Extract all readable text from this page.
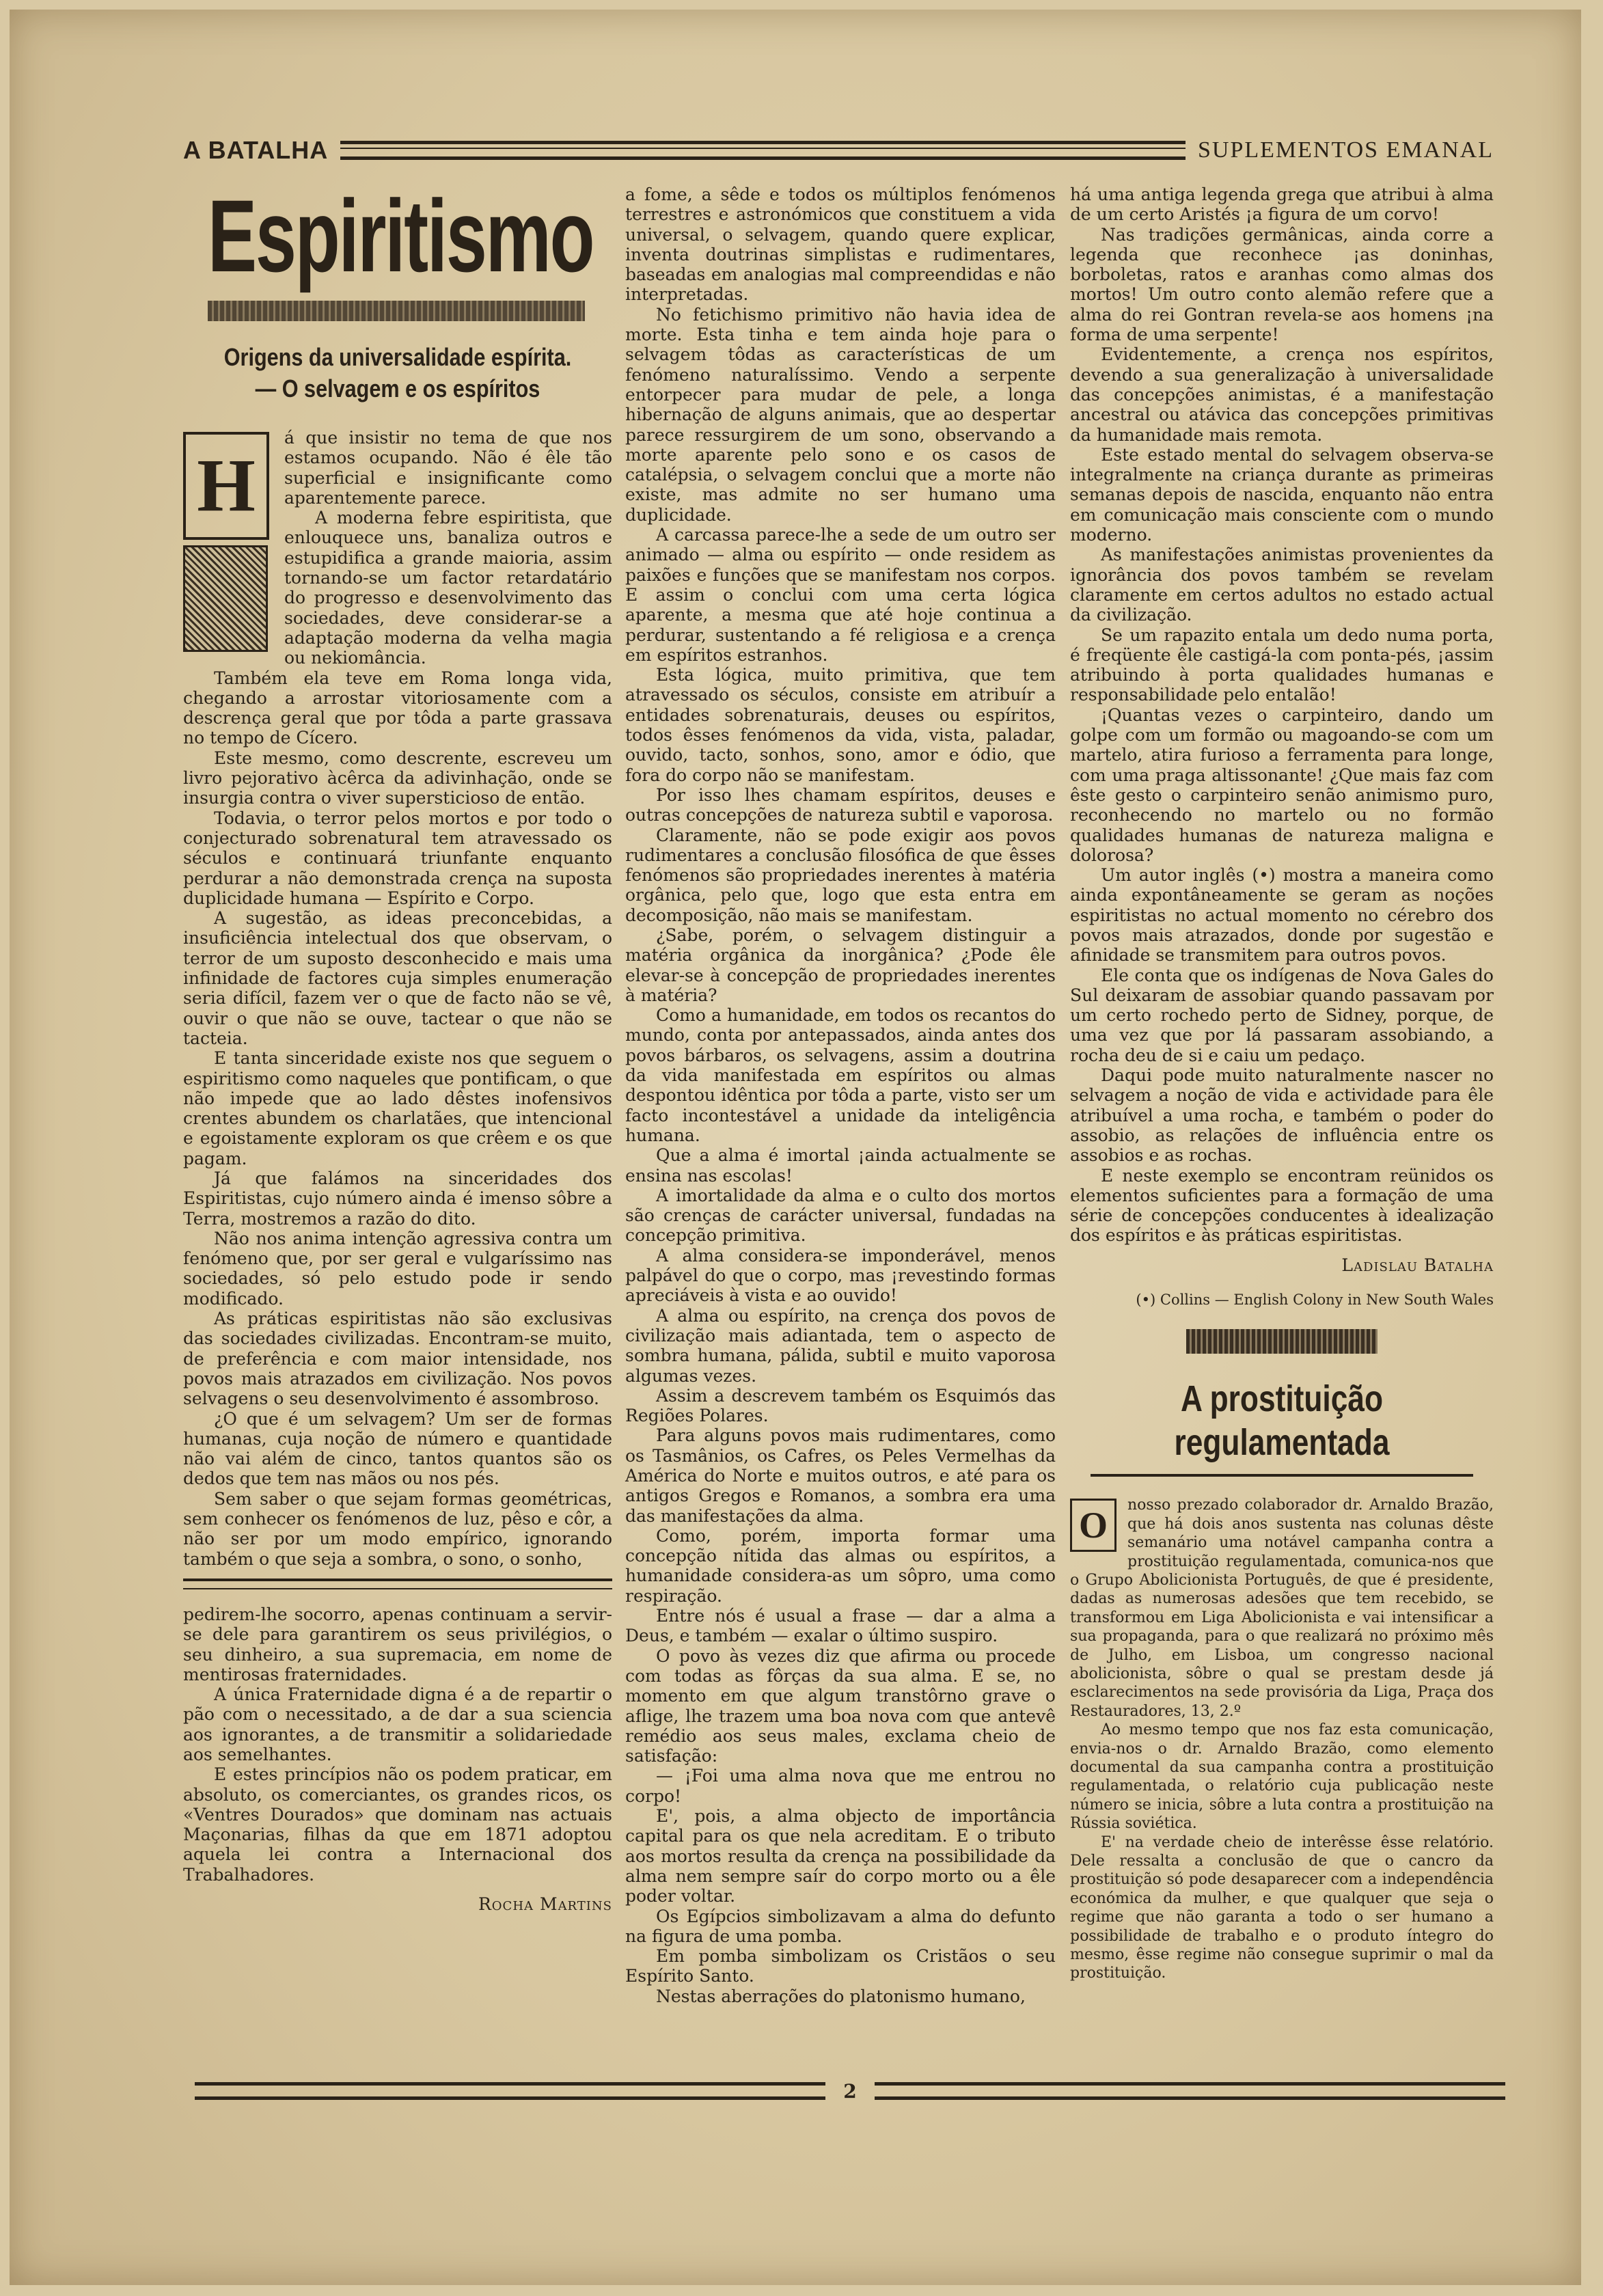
A BATALHA	SUPLEMENTOS EMANAL
Espiritismo
Origens da universalidade espírita. — O selvagem e os espíritos
H

á que insistir no tema de que nos estamos ocupando. Não é êle tão superficial e insignificante como aparentemente parece.

A moderna febre espiritista, que enlouquece uns, banaliza outros e estupidifica a grande maioria, assim tornando-se um factor retardatário do progresso e desenvolvimento das sociedades, deve considerar-se a adaptação moderna da velha magia ou nekiomância.

Também ela teve em Roma longa vida, chegando a arrostar vitoriosamente com a descrença geral que por tôda a parte grassava no tempo de Cícero.

Este mesmo, como descrente, escreveu um livro pejorativo àcêrca da adivinhação, onde se insurgia contra o viver supersticioso de então.

Todavia, o terror pelos mortos e por todo o conjecturado sobrenatural tem atravessado os séculos e continuará triunfante enquanto perdurar a não demonstrada crença na suposta duplicidade humana — Espírito e Corpo.

A sugestão, as ideas preconcebidas, a insuficiência intelectual dos que observam, o terror de um suposto desconhecido e mais uma infinidade de factores cuja simples enumeração seria difícil, fazem ver o que de facto não se vê, ouvir o que não se ouve, tactear o que não se tacteia.

E tanta sinceridade existe nos que seguem o espiritismo como naqueles que pontificam, o que não impede que ao lado dêstes inofensivos crentes abundem os charlatães, que intencional e egoistamente exploram os que crêem e os que pagam.

Já que falámos na sinceridades dos Espiritistas, cujo número ainda é imenso sôbre a Terra, mostremos a razão do dito.

Não nos anima intenção agressiva contra um fenómeno que, por ser geral e vulgaríssimo nas sociedades, só pelo estudo pode ir sendo modificado.

As práticas espiritistas não são exclusivas das sociedades civilizadas. Encontram-se muito, de preferência e com maior intensidade, nos povos mais atrazados em civilização. Nos povos selvagens o seu desenvolvimento é assombroso.

¿O que é um selvagem? Um ser de formas humanas, cuja noção de número e quantidade não vai além de cinco, tantos quantos são os dedos que tem nas mãos ou nos pés.

Sem saber o que sejam formas geométricas, sem conhecer os fenómenos de luz, pêso e côr, a não ser por um modo empírico, ignorando também o que seja a sombra, o sono, o sonho,

pedirem-lhe socorro, apenas continuam a servir-se dele para garantirem os seus privilégios, o seu dinheiro, a sua supremacia, em nome de mentirosas fraternidades.

A única Fraternidade digna é a de repartir o pão com o necessitado, a de dar a sua sciencia aos ignorantes, a de transmitir a solidariedade aos semelhantes.

E estes princípios não os podem praticar, em absoluto, os comerciantes, os grandes ricos, os «Ventres Dourados» que dominam nas actuais Maçonarias, filhas da que em 1871 adoptou aquela lei contra a Internacional dos Trabalhadores.

Rocha Martins

a fome, a sêde e todos os múltiplos fenómenos terrestres e astronómicos que constituem a vida universal, o selvagem, quando quere explicar, inventa doutrinas simplistas e rudimentares, baseadas em analogias mal compreendidas e não interpretadas.

No fetichismo primitivo não havia idea de morte. Esta tinha e tem ainda hoje para o selvagem tôdas as características de um fenómeno naturalíssimo. Vendo a serpente entorpecer para mudar de pele, a longa hibernação de alguns animais, que ao despertar parece ressurgirem de um sono, observando a morte aparente pelo sono e os casos de catalépsia, o selvagem conclui que a morte não existe, mas admite no ser humano uma duplicidade.

A carcassa parece-lhe a sede de um outro ser animado — alma ou espírito — onde residem as paixões e funções que se manifestam nos corpos. E assim o conclui com uma certa lógica aparente, a mesma que até hoje continua a perdurar, sustentando a fé religiosa e a crença em espíritos estranhos.

Esta lógica, muito primitiva, que tem atravessado os séculos, consiste em atribuír a entidades sobrenaturais, deuses ou espíritos, todos êsses fenómenos da vida, vista, paladar, ouvido, tacto, sonhos, sono, amor e ódio, que fora do corpo não se manifestam.

Por isso lhes chamam espíritos, deuses e outras concepções de natureza subtil e vaporosa.

Claramente, não se pode exigir aos povos rudimentares a conclusão filosófica de que êsses fenómenos são propriedades inerentes à matéria orgânica, pelo que, logo que esta entra em decomposição, não mais se manifestam.

¿Sabe, porém, o selvagem distinguir a matéria orgânica da inorgânica? ¿Pode êle elevar-se à concepção de propriedades inerentes à matéria?

Como a humanidade, em todos os recantos do mundo, conta por antepassados, ainda antes dos povos bárbaros, os selvagens, assim a doutrina da vida manifestada em espíritos ou almas despontou idêntica por tôda a parte, visto ser um facto incontestável a unidade da inteligência humana.

Que a alma é imortal ¡ainda actualmente se ensina nas escolas!

A imortalidade da alma e o culto dos mortos são crenças de carácter universal, fundadas na concepção primitiva.

A alma considera-se imponderável, menos palpável do que o corpo, mas ¡revestindo formas apreciáveis à vista e ao ouvido!

A alma ou espírito, na crença dos povos de civilização mais adiantada, tem o aspecto de sombra humana, pálida, subtil e muito vaporosa algumas vezes.

Assim a descrevem também os Esquimós das Regiões Polares.

Para alguns povos mais rudimentares, como os Tasmânios, os Cafres, os Peles Vermelhas da América do Norte e muitos outros, e até para os antigos Gregos e Romanos, a sombra era uma das manifestações da alma.

Como, porém, importa formar uma concepção nítida das almas ou espíritos, a humanidade considera-as um sôpro, uma como respiração.

Entre nós é usual a frase — dar a alma a Deus, e também — exalar o último suspiro.

O povo às vezes diz que afirma ou procede com todas as fôrças da sua alma. E se, no momento em que algum transtôrno grave o aflige, lhe trazem uma boa nova com que antevê remédio aos seus males, exclama cheio de satisfação:

— ¡Foi uma alma nova que me entrou no corpo!

E', pois, a alma objecto de importância capital para os que nela acreditam. E o tributo aos mortos resulta da crença na possibilidade da alma nem sempre saír do corpo morto ou a êle poder voltar.

Os Egípcios simbolizavam a alma do defunto na figura de uma pomba.

Em pomba simbolizam os Cristãos o seu Espírito Santo.

Nestas aberrações do platonismo humano,

há uma antiga legenda grega que atribui à alma de um certo Aristés ¡a figura de um corvo!

Nas tradições germânicas, ainda corre a legenda que reconhece ¡as doninhas, borboletas, ratos e aranhas como almas dos mortos! Um outro conto alemão refere que a alma do rei Gontran revela-se aos homens ¡na forma de uma serpente!

Evidentemente, a crença nos espíritos, devendo a sua generalização à universalidade das concepções animistas, é a manifestação ancestral ou atávica das concepções primitivas da humanidade mais remota.

Este estado mental do selvagem observa-se integralmente na criança durante as primeiras semanas depois de nascida, enquanto não entra em comunicação mais consciente com o mundo moderno.

As manifestações animistas provenientes da ignorância dos povos também se revelam claramente em certos adultos no estado actual da civilização.

Se um rapazito entala um dedo numa porta, é freqüente êle castigá-la com ponta-pés, ¡assim atribuindo à porta qualidades humanas e responsabilidade pelo entalão!

¡Quantas vezes o carpinteiro, dando um golpe com um formão ou magoando-se com um martelo, atira furioso a ferramenta para longe, com uma praga altissonante! ¿Que mais faz com êste gesto o carpinteiro senão animismo puro, reconhecendo no martelo ou no formão qualidades humanas de natureza maligna e dolorosa?

Um autor inglês (•) mostra a maneira como ainda expontâneamente se geram as noções espiritistas no actual momento no cérebro dos povos mais atrazados, donde por sugestão e afinidade se transmitem para outros povos.

Ele conta que os indígenas de Nova Gales do Sul deixaram de assobiar quando passavam por um certo rochedo perto de Sidney, porque, de uma vez que por lá passaram assobiando, a rocha deu de si e caiu um pedaço.

Daqui pode muito naturalmente nascer no selvagem a noção de vida e actividade para êle atribuível a uma rocha, e também o poder do assobio, as relações de influência entre os assobios e as rochas.

E neste exemplo se encontram reünidos os elementos suficientes para a formação de uma série de concepções conducentes à idealização dos espíritos e às práticas espiritistas.

Ladislau Batalha

(•) Collins — English Colony in New South Wales

A prostituição regulamentada
O	nosso prezado colaborador dr. Arnaldo Brazão, que há dois anos sustenta nas colunas dêste semanário uma notável campanha contra a prostituição regulamentada, comunica-nos que o Grupo Abolicionista Português, de que é presidente, dadas as numerosas adesões que tem recebido, se transformou em Liga Abolicionista e vai intensificar a sua propaganda, para o que realizará no próximo mês de Julho, em Lisboa, um congresso nacional abolicionista, sôbre o qual se prestam desde já esclarecimentos na sede provisória da Liga, Praça dos Restauradores, 13, 2.º

Ao mesmo tempo que nos faz esta comunicação, envia-nos o dr. Arnaldo Brazão, como elemento documental da sua campanha contra a prostituição regulamentada, o relatório cuja publicação neste número se inicia, sôbre a luta contra a prostituição na Rússia soviética.

E' na verdade cheio de interêsse êsse relatório. Dele ressalta a conclusão de que o cancro da prostituição só pode desaparecer com a independência económica da mulher, e que qualquer que seja o regime que não garanta a todo o ser humano a possibilidade de trabalho e o produto íntegro do mesmo, êsse regime não consegue suprimir o mal da prostituição.

2
